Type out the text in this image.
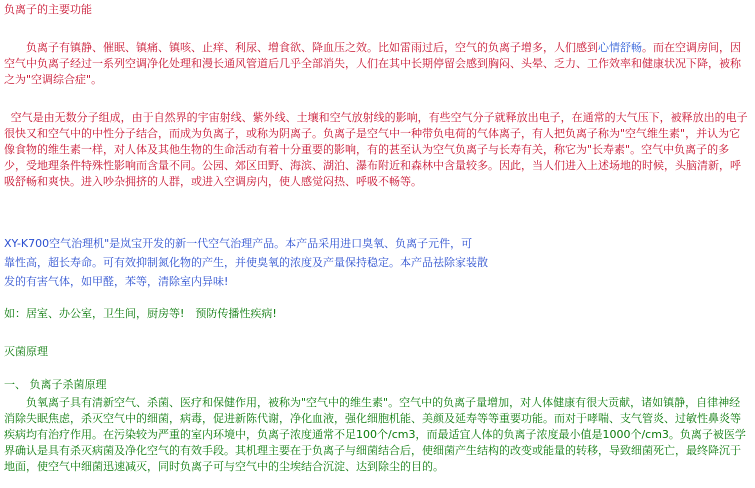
负离子的主要功能

负离子有镇静、催眠、镇痛、镇咳、止痒、利尿、增食欲、降血压之效。比如雷雨过后，空气的负离子增多，人们感到心情舒畅。而在空调房间，因空气中负离子经过一系列空调净化处理和漫长通风管道后几乎全部消失，人们在其中长期停留会感到胸闷、头晕、乏力、工作效率和健康状况下降，被称之为"空调综合症"。

空气是由无数分子组成，由于自然界的宇宙射线、紫外线、土壤和空气放射线的影响，有些空气分子就释放出电子，在通常的大气压下，被释放出的电子很快又和空气中的中性分子结合，而成为负离子，或称为阴离子。负离子是空气中一种带负电荷的气体离子，有人把负离子称为"空气维生素"，并认为它像食物的维生素一样，对人体及其他生物的生命活动有着十分重要的影响，有的甚至认为空气负离子与长寿有关，称它为"长寿素"。空气中负离子的多少，受地理条件特殊性影响而含量不同。公园、郊区田野、海滨、湖泊、瀑布附近和森林中含量较多。因此，当人们进入上述场地的时候，头脑清新，呼吸舒畅和爽快。进入吵杂拥挤的人群，或进入空调房内，使人感觉闷热、呼吸不畅等。

XY-K700空气治理机"是岚宝开发的新一代空气治理产品。本产品采用进口臭氧、负离子元件，可
靠性高，超长寿命。可有效抑制氮化物的产生，并使臭氧的浓度及产量保持稳定。本产品祛除家装散
发的有害气体，如甲醛，苯等，清除室内异味!
如：居室、办公室，卫生间，厨房等!　预防传播性疾病!
灭菌原理
一、 负离子杀菌原理

负氧离子具有清新空气、杀菌、医疗和保健作用，被称为"空气中的维生素"。空气中的负离子量增加，对人体健康有很大贡献，诸如镇静，自律神经消除失眠焦虑，杀灭空气中的细菌，病毒，促进新陈代谢，净化血液，强化细胞机能、美颜及延寿等等重要功能。而对于哮喘、支气管炎、过敏性鼻炎等疾病均有治疗作用。在污染较为严重的室内环境中，负离子浓度通常不足100个/cm3，而最适宜人体的负离子浓度最小值是1000个/cm3。负离子被医学界确认是具有杀灭病菌及净化空气的有效手段。其机理主要在于负离子与细菌结合后，使细菌产生结构的改变或能量的转移，导致细菌死亡，最终降沉于地面，使空气中细菌迅速减灭，同时负离子可与空气中的尘埃结合沉淀、达到除尘的目的。
